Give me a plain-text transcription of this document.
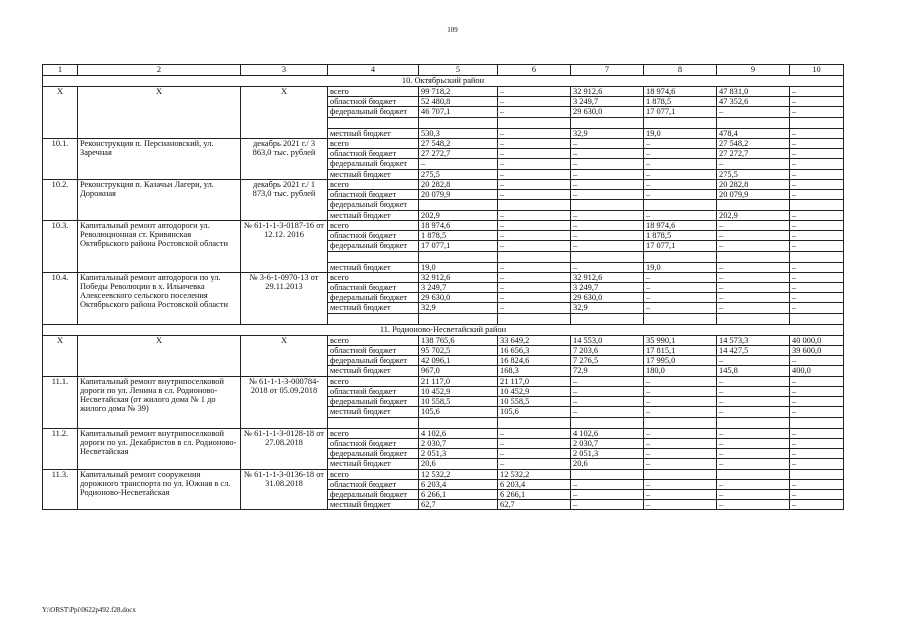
109
1	2	3	4	5	6	7	8	9	10
10. Октябрьский район									
X	X	X	всего	99 718,2	–	32 912,6	18 974,6	47 831,0	–
			областной бюджет	52 480,8	–	3 249,7	1 878,5	47 352,6	–
			федеральный бюджет	46 707,1	–	29 630,0	17 077,1	–	–

			местный бюджет	530,3	–	32,9	19,0	478,4	–
10.1.	Реконструкция п. Персиановский, ул. Заречная	декабрь 2021 г./ 3 863,0 тыс. рублей	всего	27 548,2	–	–	–	27 548,2	–
			областной бюджет	27 272,7	–	–	–	27 272,7	–
			федеральный бюджет	–	–	–	–	–	–
			местный бюджет	275,5	–	–	–	275,5	–
10.2.	Реконструкция п. Казачьи Лагери, ул. Дорожная	декабрь 2021 г./ 1 873,0 тыс. рублей	всего	20 282,8	–	–	–	20 282,8	–
			областной бюджет	20 079,9	–	–	–	20 079,9	–
			федеральный бюджет						
			местный бюджет	202,9	–	–	–	202,9	–
10.3.	Капитальный ремонт автодороги ул. Революционная ст. Кривянская Октябрьского района Ростовской области	№ 61-1-1-3-0187-16 от 12.12. 2016	всего	18 974,6	–	–	18 974,6	–	–
			областной бюджет	1 878,5	–	–	1 878,5	–	–
			федеральный бюджет	17 077,1	–	–	17 077,1	–	–

			местный бюджет	19,0	–	–	19,0	–	–
10.4.	Капитальный ремонт автодороги по ул. Победы Революции в х. Ильичевка Алексеевского сельского поселения Октябрьского района Ростовской области	№ 3-6-1-0970-13 от 29.11.2013	всего	32 912,6	–	32 912,6	–	–	–
			областной бюджет	3 249,7	–	3 249,7	–	–	–
			федеральный бюджет	29 630,0	–	29 630,0	–	–	–
			местный бюджет	32,9	–	32,9	–	–	–

11. Родионово-Несветайский район									
X	X	X	всего	138 765,6	33 649,2	14 553,0	35 990,1	14 573,3	40 000,0
			областной бюджет	95 702,5	16 656,3	7 203,6	17 815,1	14 427,5	39 600,0
			федеральный бюджет	42 096,1	16 824,6	7 276,5	17 995,0	–	–
			местный бюджет	967,0	168,3	72,9	180,0	145,8	400,0
11.1.	Капитальный ремонт внутрипоселковой дороги по ул. Ленина в сл. Родионово-Несветайская (от жилого дома № 1 до жилого дома № 39)	№ 61-1-1-3-000784-2018 от 05.09.2018	всего	21 117,0	21 117,0	–	–	–	–
			областной бюджет	10 452,9	10 452,9	–	–	–	–
			федеральный бюджет	10 558,5	10 558,5	–	–	–	–
			местный бюджет	105,6	105,6	–	–	–	–

11.2.	Капитальный ремонт внутрипоселковой дороги по ул. Декабристов в сл. Родионово-Несветайская	№ 61-1-1-3-0128-18 от 27.08.2018	всего	4 102,6	–	4 102,6	–	–	–
			областной бюджет	2 030,7	–	2 030,7	–	–	–
			федеральный бюджет	2 051,3	–	2 051,3	–	–	–
			местный бюджет	20,6	–	20,6	–	–	–
11.3.	Капитальный ремонт сооружения дорожного транспорта по ул. Южная в сл. Родионово-Несветайская	№ 61-1-1-3-0136-18 от 31.08.2018	всего	12 532,2	12 532,2				
			областной бюджет	6 203,4	6 203,4	–	–	–	–
			федеральный бюджет	6 266,1	6 266,1	–	–	–	–
			местный бюджет	62,7	62,7	–	–	–	–
Y:\ORST\Ppi\0622p492.f28.docx
